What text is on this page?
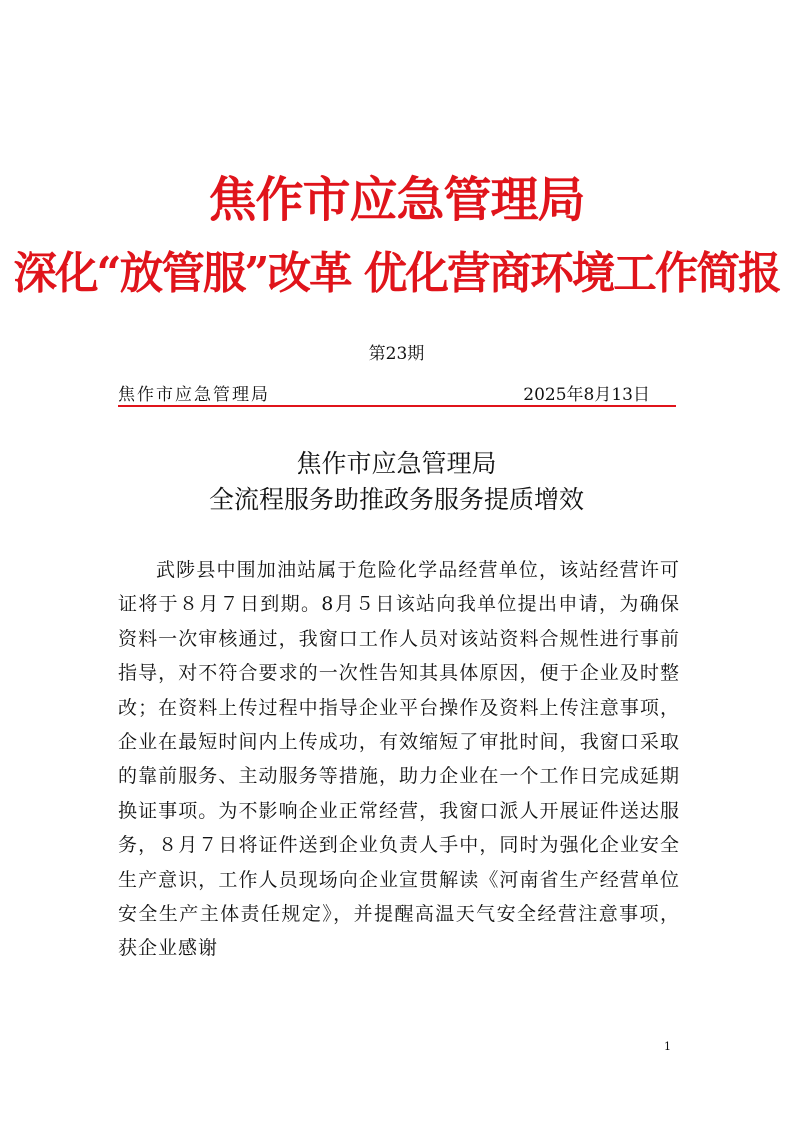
焦作市应急管理局
深化“放管服”改革 优化营商环境工作简报
第23期
焦作市应急管理局	2025年8月13日
焦作市应急管理局
全流程服务助推政务服务提质增效

武陟县中围加油站属于危险化学品经营单位，该站经营许可证将于８月７日到期。8月５日该站向我单位提出申请，为确保资料一次审核通过，我窗口工作人员对该站资料合规性进行事前指导，对不符合要求的一次性告知其具体原因，便于企业及时整改；在资料上传过程中指导企业平台操作及资料上传注意事项，企业在最短时间内上传成功，有效缩短了审批时间，我窗口采取的靠前服务、主动服务等措施，助力企业在一个工作日完成延期换证事项。为不影响企业正常经营，我窗口派人开展证件送达服务，８月７日将证件送到企业负责人手中，同时为强化企业安全生产意识，工作人员现场向企业宣贯解读《河南省生产经营单位安全生产主体责任规定》，并提醒高温天气安全经营注意事项，获企业感谢

1
